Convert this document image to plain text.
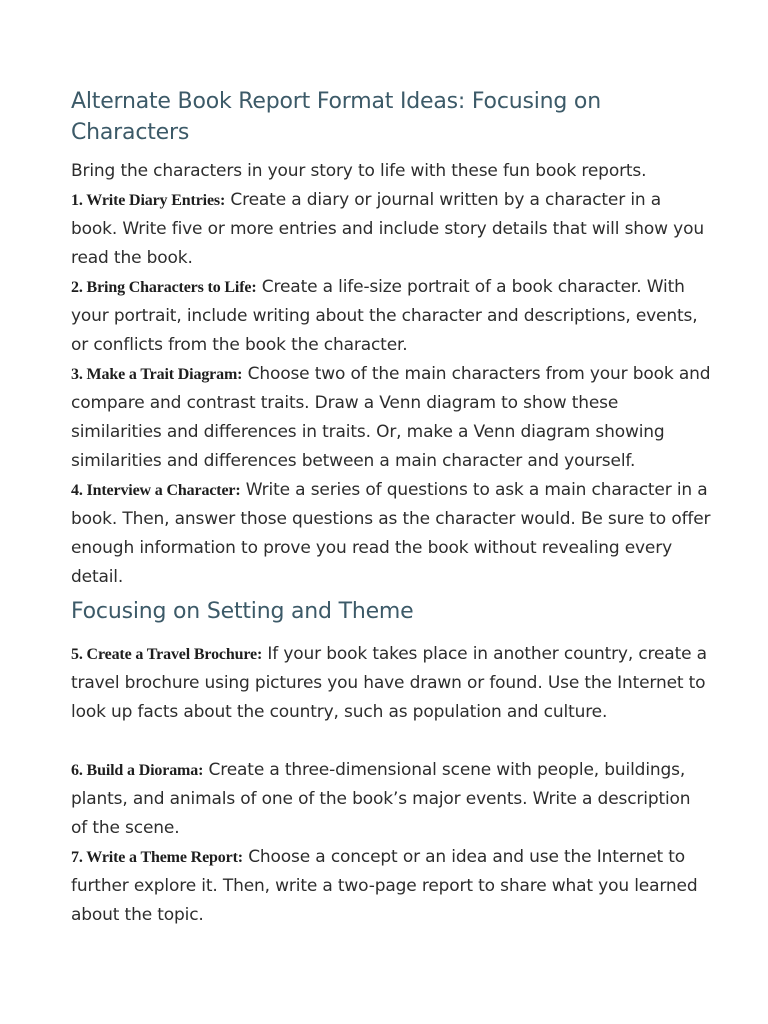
Alternate Book Report Format Ideas: Focusing on Characters

Bring the characters in your story to life with these fun book reports.

1. Write Diary Entries: Create a diary or journal written by a character in a book. Write five or more entries and include story details that will show you read the book.

2. Bring Characters to Life: Create a life-size portrait of a book character. With your portrait, include writing about the character and descriptions, events, or conflicts from the book the character.

3. Make a Trait Diagram: Choose two of the main characters from your book and compare and contrast traits. Draw a Venn diagram to show these similarities and differences in traits. Or, make a Venn diagram showing similarities and differences between a main character and yourself.

4. Interview a Character: Write a series of questions to ask a main character in a book. Then, answer those questions as the character would. Be sure to offer enough information to prove you read the book without revealing every detail.

Focusing on Setting and Theme

5. Create a Travel Brochure: If your book takes place in another country, create a travel brochure using pictures you have drawn or found. Use the Internet to look up facts about the country, such as population and culture.

6. Build a Diorama: Create a three-dimensional scene with people, buildings, plants, and animals of one of the book’s major events. Write a description of the scene.

7. Write a Theme Report: Choose a concept or an idea and use the Internet to further explore it. Then, write a two-page report to share what you learned about the topic.
